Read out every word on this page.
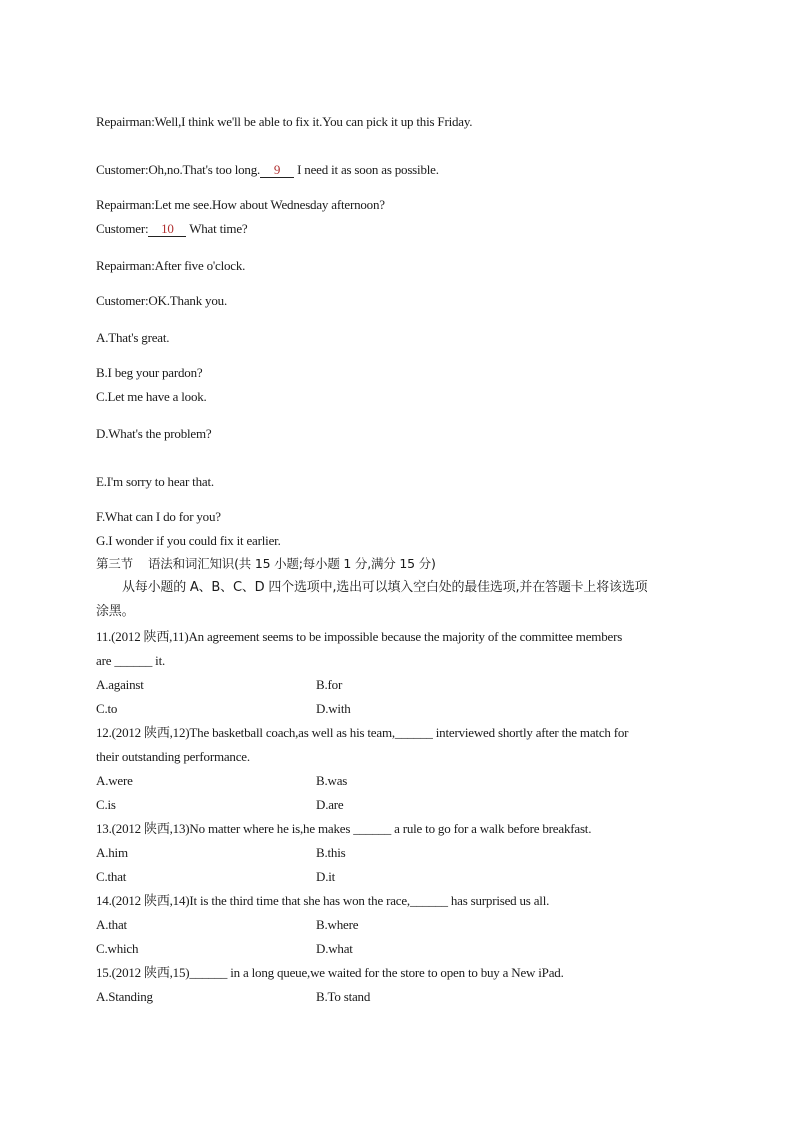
Repairman:Well,I think we'll be able to fix it.You can pick it up this Friday.
Customer:Oh,no.That's too long. 9 I need it as soon as possible.
Repairman:Let me see.How about Wednesday afternoon?
Customer: 10 What time?
Repairman:After five o'clock.
Customer:OK.Thank you.
A.That's great.
B.I beg your pardon?
C.Let me have a look.
D.What's the problem?
E.I'm sorry to hear that.
F.What can I do for you?
G.I wonder if you could fix it earlier.
第三节    语法和词汇知识(共 15 小题;每小题 1 分,满分 15 分)
从每小题的 A、B、C、D 四个选项中,选出可以填入空白处的最佳选项,并在答题卡上将该选项
涂黑。
11.(2012 陕西,11)An agreement seems to be impossible because the majority of the committee members
are ______ it.
A.against	B.for
C.to	D.with
12.(2012 陕西,12)The basketball coach,as well as his team,______ interviewed shortly after the match for
their outstanding performance.
A.were	B.was
C.is	D.are
13.(2012 陕西,13)No matter where he is,he makes ______ a rule to go for a walk before breakfast.
A.him	B.this
C.that	D.it
14.(2012 陕西,14)It is the third time that she has won the race,______ has surprised us all.
A.that	B.where
C.which	D.what
15.(2012 陕西,15)______ in a long queue,we waited for the store to open to buy a New iPad.
A.Standing	B.To stand
